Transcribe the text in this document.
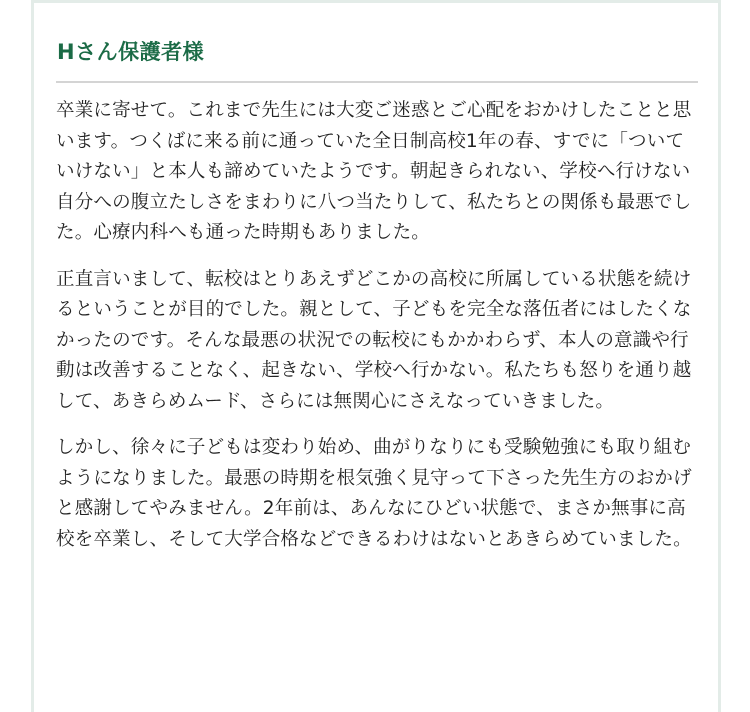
Hさん保護者様

卒業に寄せて。これまで先生には大変ご迷惑とご心配をおかけしたことと思います。つくばに来る前に通っていた全日制高校1年の春、すでに「ついていけない」と本人も諦めていたようです。朝起きられない、学校へ行けない自分への腹立たしさをまわりに八つ当たりして、私たちとの関係も最悪でした。心療内科へも通った時期もありました。

正直言いまして、転校はとりあえずどこかの高校に所属している状態を続けるということが目的でした。親として、子どもを完全な落伍者にはしたくなかったのです。そんな最悪の状況での転校にもかかわらず、本人の意識や行動は改善することなく、起きない、学校へ行かない。私たちも怒りを通り越して、あきらめムード、さらには無関心にさえなっていきました。

しかし、徐々に子どもは変わり始め、曲がりなりにも受験勉強にも取り組むようになりました。最悪の時期を根気強く見守って下さった先生方のおかげと感謝してやみません。2年前は、あんなにひどい状態で、まさか無事に高校を卒業し、そして大学合格などできるわけはないとあきらめていました。
